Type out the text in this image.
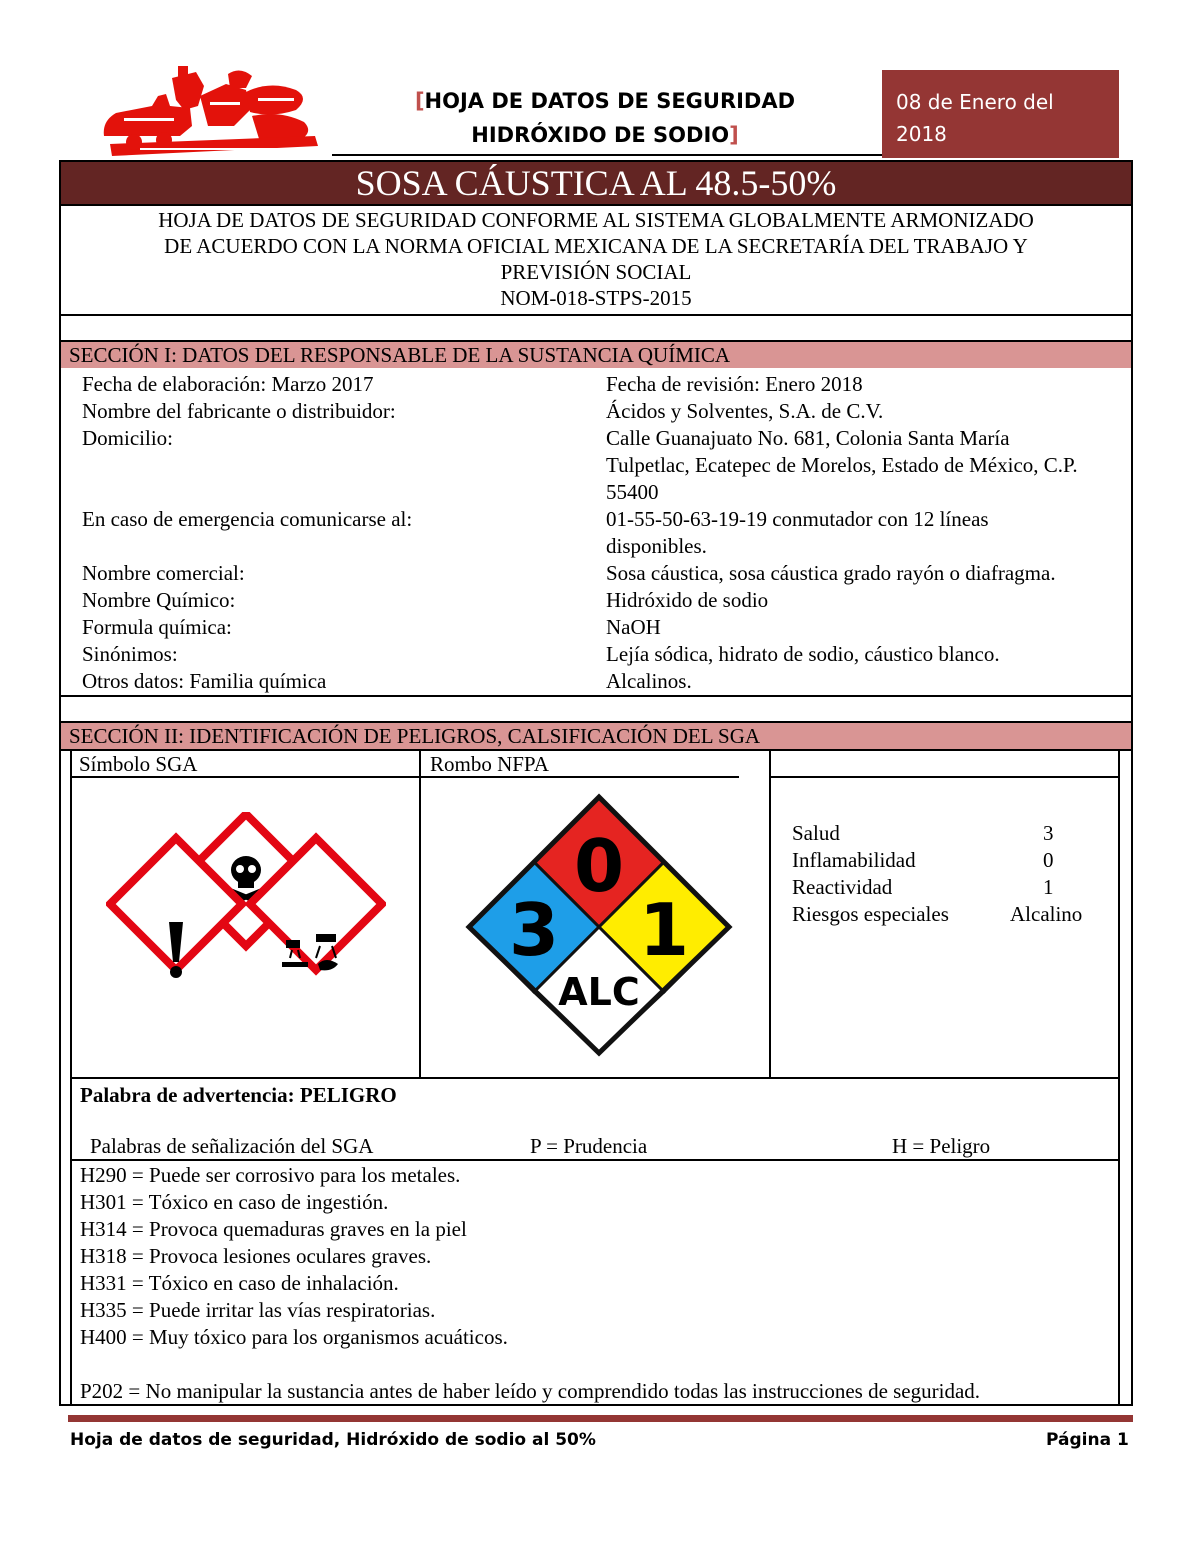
[HOJA DE DATOS DE SEGURIDAD
HIDRÓXIDO DE SODIO]
08 de Enero del 2018
SOSA CÁUSTICA AL 48.5-50%
HOJA DE DATOS DE SEGURIDAD CONFORME AL SISTEMA GLOBALMENTE ARMONIZADO
DE ACUERDO CON LA NORMA OFICIAL MEXICANA DE LA SECRETARÍA DEL TRABAJO Y
PREVISIÓN SOCIAL
NOM-018-STPS-2015
SECCIÓN I: DATOS DEL RESPONSABLE DE LA SUSTANCIA QUÍMICA
Fecha de elaboración: Marzo 2017	Fecha de revisión: Enero 2018
Nombre del fabricante o distribuidor:	Ácidos y Solventes, S.A. de C.V.
Domicilio:	Calle Guanajuato No. 681, Colonia Santa María Tulpetlac, Ecatepec de Morelos, Estado de México, C.P. 55400
En caso de emergencia comunicarse al:	01-55-50-63-19-19 conmutador con 12 líneas disponibles.
Nombre comercial:	Sosa cáustica, sosa cáustica grado rayón o diafragma.
Nombre Químico:	Hidróxido de sodio
Formula química:	NaOH
Sinónimos:	Lejía sódica, hidrato de sodio, cáustico blanco.
Otros datos: Familia química	Alcalinos.
SECCIÓN II: IDENTIFICACIÓN DE PELIGROS, CALSIFICACIÓN DEL SGA
Símbolo SGA	Rombo NFPA
0
3 1
ALC
Salud	3
Inflamabilidad	0
Reactividad	1
Riesgos especiales	Alcalino
Palabra de advertencia: PELIGRO
Palabras de señalización del SGA	P = Prudencia	H = Peligro
H290 = Puede ser corrosivo para los metales.
H301 = Tóxico en caso de ingestión.
H314 = Provoca quemaduras graves en la piel
H318 = Provoca lesiones oculares graves.
H331 = Tóxico en caso de inhalación.
H335 = Puede irritar las vías respiratorias.
H400 = Muy tóxico para los organismos acuáticos.
P202 = No manipular la sustancia antes de haber leído y comprendido todas las instrucciones de seguridad.
Hoja de datos de seguridad, Hidróxido de sodio al 50%	Página 1
